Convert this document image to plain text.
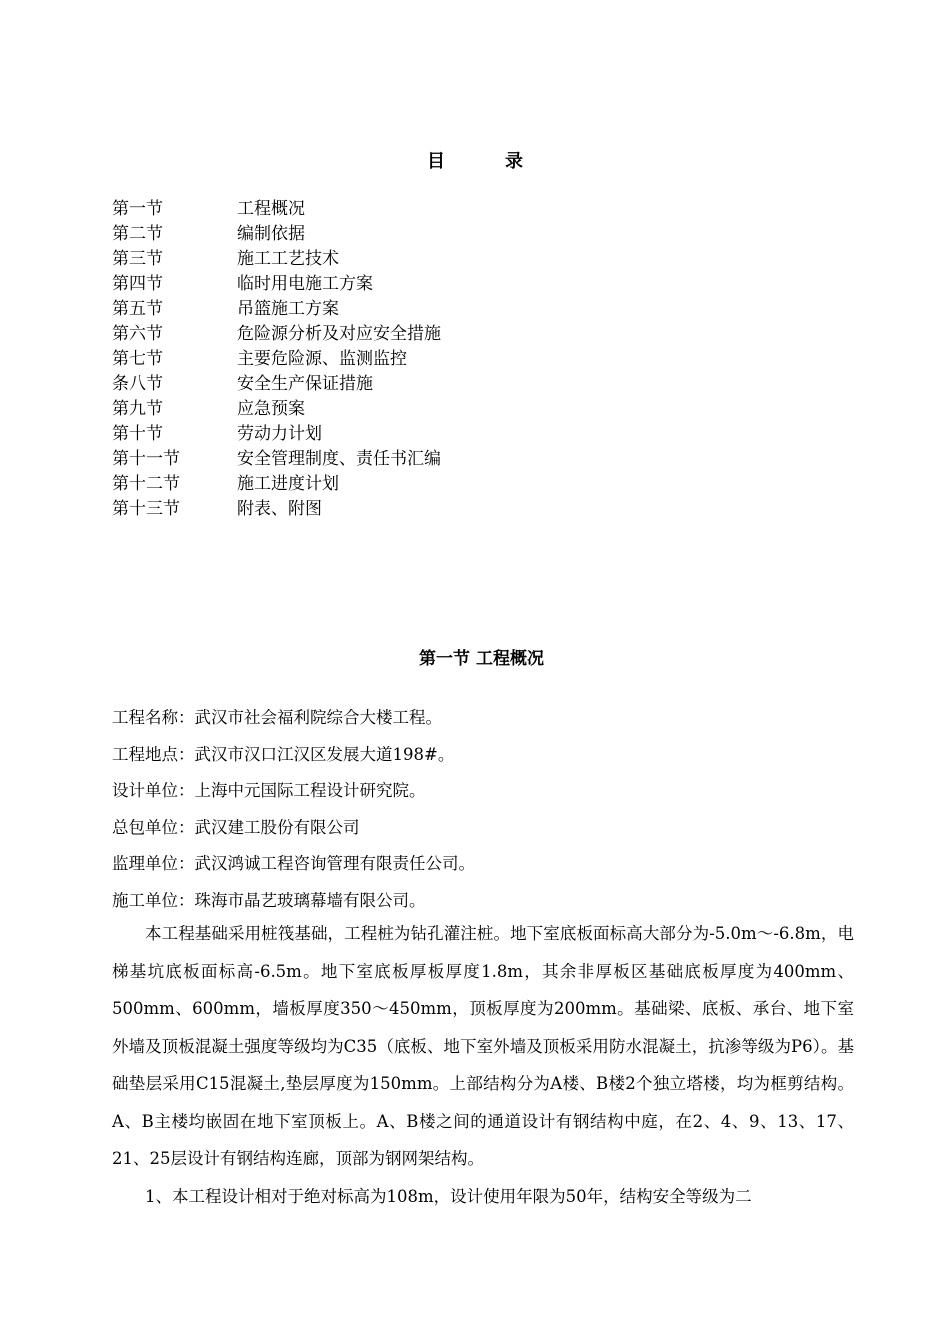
目	录
第一节	工程概况
第二节	编制依据
第三节	施工工艺技术
第四节	临时用电施工方案
第五节	吊篮施工方案
第六节	危险源分析及对应安全措施
第七节	主要危险源、监测监控
条八节	安全生产保证措施
第九节	应急预案
第十节	劳动力计划
第十一节	安全管理制度、责任书汇编
第十二节	施工进度计划
第十三节	附表、附图
第一节 工程概况
工程名称：武汉市社会福利院综合大楼工程。
工程地点：武汉市汉口江汉区发展大道198#。
设计单位：上海中元国际工程设计研究院。
总包单位：武汉建工股份有限公司
监理单位：武汉鸿诚工程咨询管理有限责任公司。
施工单位：珠海市晶艺玻璃幕墙有限公司。

本工程基础采用桩筏基础，工程桩为钻孔灌注桩。地下室底板面标高大部分为-5.0m～-6.8m，电梯基坑底板面标高-6.5m。地下室底板厚板厚度1.8m，其余非厚板区基础底板厚度为400mm、500mm、600mm，墙板厚度350～450mm，顶板厚度为200mm。基础梁、底板、承台、地下室外墙及顶板混凝土强度等级均为C35（底板、地下室外墙及顶板采用防水混凝土，抗渗等级为P6）。基础垫层采用C15混凝土,垫层厚度为150mm。上部结构分为A楼、B楼2个独立塔楼，均为框剪结构。A、B主楼均嵌固在地下室顶板上。A、B楼之间的通道设计有钢结构中庭，在2、4、9、13、17、21、25层设计有钢结构连廊，顶部为钢网架结构。

1、本工程设计相对于绝对标高为108m，设计使用年限为50年，结构安全等级为二
